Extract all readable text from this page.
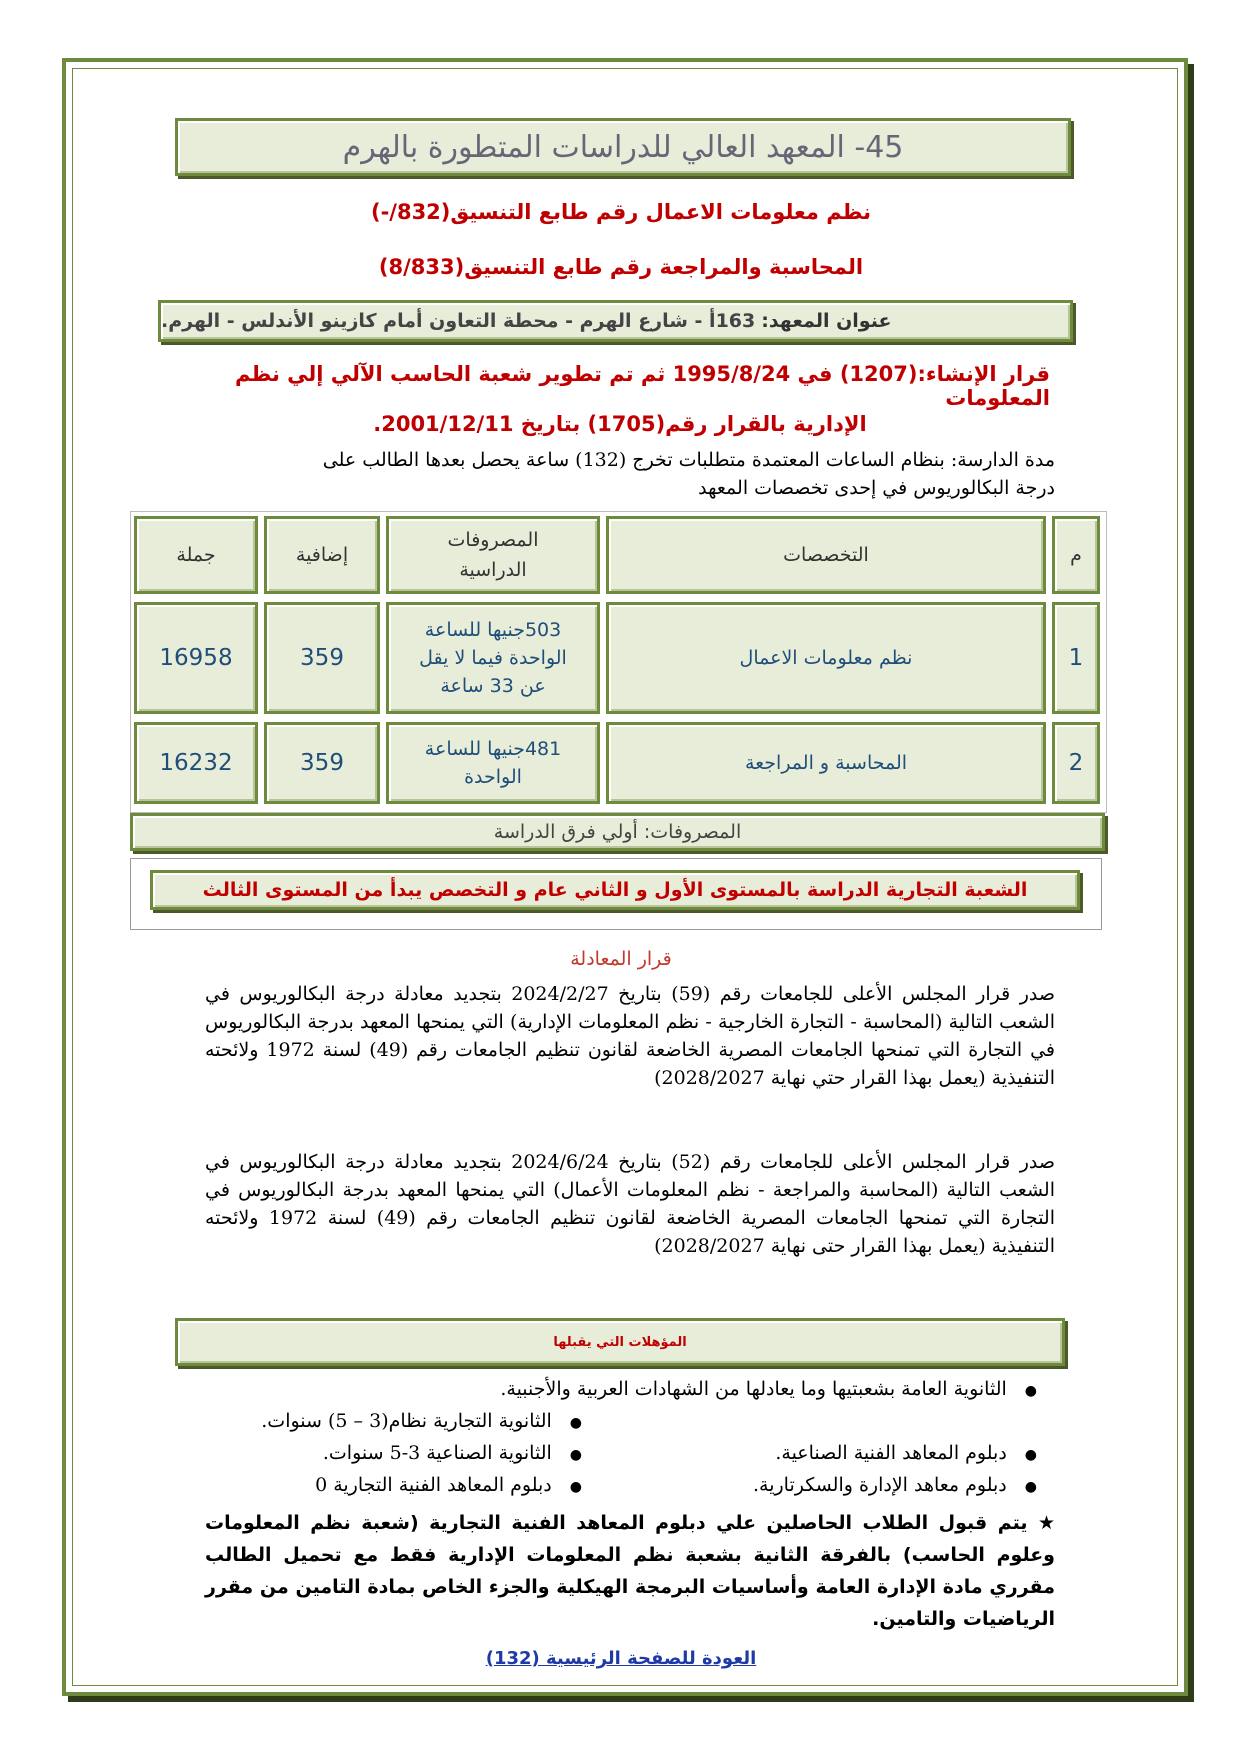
45- المعهد العالي للدراسات المتطورة بالهرم
نظم معلومات الاعمال رقم طابع التنسيق(832/-)
المحاسبة والمراجعة رقم طابع التنسيق(8/833)
عنوان المعهد:
163أ - شارع الهرم - محطة التعاون أمام كازينو الأندلس - الهرم.
قرار الإنشاء:(1207) في 1995/8/24 ثم تم تطوير شعبة الحاسب الآلي إلي نظم المعلومات
الإدارية بالقرار رقم(1705) بتاريخ 2001/12/11.
مدة الدارسة: بنظام الساعات المعتمدة متطلبات تخرج (132) ساعة يحصل بعدها الطالب على
درجة البكالوريوس في إحدى تخصصات المعهد
م
التخصصات
المصروفات
الدراسية
إضافية
جملة
1
نظم معلومات الاعمال
503جنيها للساعة
الواحدة فيما لا يقل
عن 33 ساعة
359
16958
2
المحاسبة و المراجعة
481جنيها للساعة
الواحدة
359
16232
المصروفات: أولي فرق الدراسة
الشعبة التجارية الدراسة بالمستوى الأول و الثاني عام و التخصص يبدأ من المستوى الثالث
قرار المعادلة
صدر قرار المجلس الأعلى للجامعات رقم (59) بتاريخ 2024/2/27 بتجديد معادلة درجة البكالوريوس في الشعب التالية (المحاسبة - التجارة الخارجية - نظم المعلومات الإدارية) التي يمنحها المعهد بدرجة البكالوريوس في التجارة التي تمنحها الجامعات المصرية الخاضعة لقانون تنظيم الجامعات رقم (49) لسنة 1972 ولائحته التنفيذية (يعمل بهذا القرار حتي نهاية 2028/2027)
صدر قرار المجلس الأعلى للجامعات رقم (52) بتاريخ 2024/6/24 بتجديد معادلة درجة البكالوريوس في الشعب التالية (المحاسبة والمراجعة - نظم المعلومات الأعمال) التي يمنحها المعهد بدرجة البكالوريوس في التجارة التي تمنحها الجامعات المصرية الخاضعة لقانون تنظيم الجامعات رقم (49) لسنة 1972 ولائحته التنفيذية (يعمل بهذا القرار حتى نهاية 2028/2027)
المؤهلات التي يقبلها
●الثانوية العامة بشعبتيها وما يعادلها من الشهادات العربية والأجنبية.
●الثانوية التجارية نظام(3 – 5) سنوات.
●الثانوية الصناعية 3-5 سنوات.	●دبلوم المعاهد الفنية الصناعية.
●دبلوم المعاهد الفنية التجارية 0	●دبلوم معاهد الإدارة والسكرتارية.
★ يتم قبول الطلاب الحاصلين علي دبلوم المعاهد الفنية التجارية (شعبة نظم المعلومات وعلوم الحاسب) بالفرقة الثانية بشعبة نظم المعلومات الإدارية فقط مع تحميل الطالب مقرري مادة الإدارة العامة وأساسيات البرمجة الهيكلية والجزء الخاص بمادة التامين من مقرر الرياضيات والتامين.
العودة للصفحة الرئيسية (132)
